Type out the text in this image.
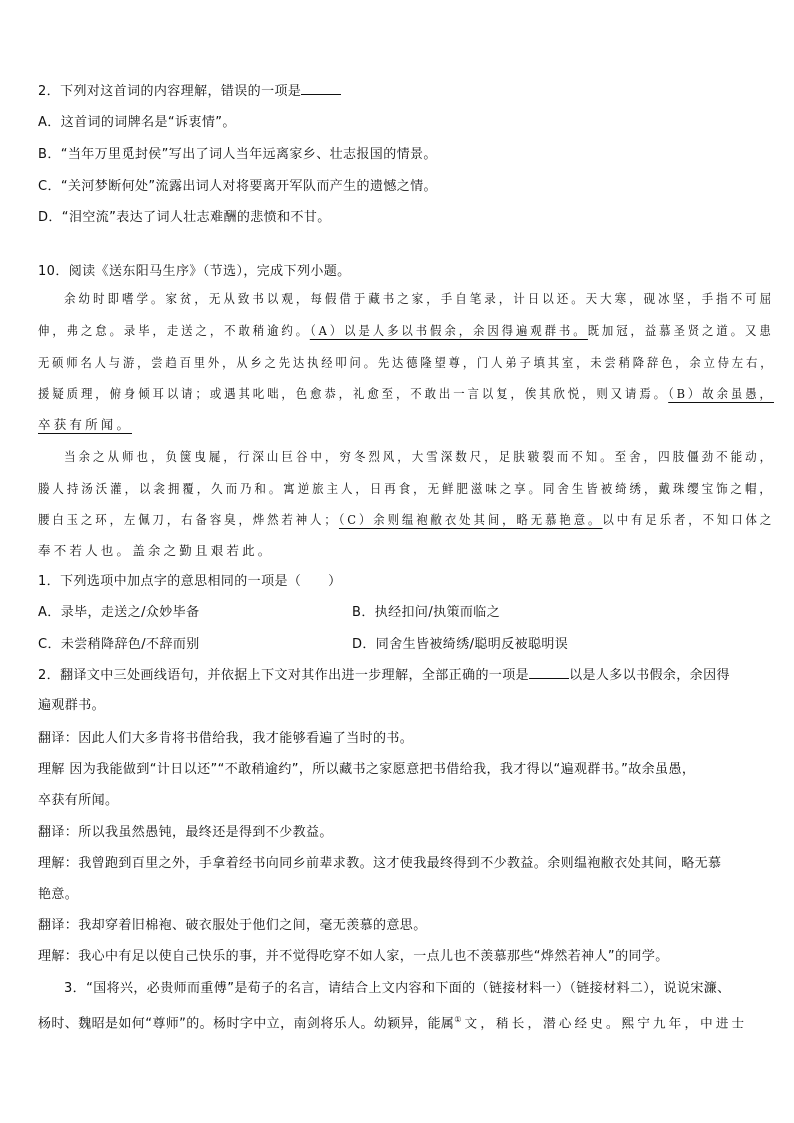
2．下列对这首词的内容理解，错误的一项是
A．这首词的词牌名是“诉衷情”。
B．“当年万里觅封侯”写出了词人当年远离家乡、壮志报国的情景。
C．“关河梦断何处”流露出词人对将要离开军队而产生的遗憾之情。
D．“泪空流”表达了词人壮志难酬的悲愤和不甘。
10．阅读《送东阳马生序》（节选），完成下列小题。
余幼时即嗜学。家贫，无从致书以观，每假借于藏书之家，手自笔录，计日以还。天大寒，砚冰坚，手指不可屈
伸，弗之怠。录毕，走送之，不敢稍逾约。（A）以是人多以书假余，余因得遍观群书。既加冠，益慕圣贤之道。又患
无硕师名人与游，尝趋百里外，从乡之先达执经叩问。先达德隆望尊，门人弟子填其室，未尝稍降辞色，余立侍左右，
援疑质理，俯身倾耳以请；或遇其叱咄，色愈恭，礼愈至，不敢出一言以复，俟其欣悦，则又请焉。（B）故余虽愚，
卒获有所闻。
当余之从师也，负箧曳屣，行深山巨谷中，穷冬烈风，大雪深数尺，足肤皲裂而不知。至舍，四肢僵劲不能动，
媵人持汤沃灌，以衾拥覆，久而乃和。寓逆旅主人，日再食，无鲜肥滋味之享。同舍生皆被绮绣，戴珠缨宝饰之帽，
腰白玉之环，左佩刀，右备容臭，烨然若神人；（C）余则缊袍敝衣处其间，略无慕艳意。以中有足乐者，不知口体之
奉不若人也。盖余之勤且艰若此。
1．下列选项中加点字的意思相同的一项是（　　）
A．录毕，走送之/众妙毕备	B．执经扣问/执策而临之
C．未尝稍降辞色/不辞而别	D．同舍生皆被绮绣/聪明反被聪明误
2．翻译文中三处画线语句，并依据上下文对其作出进一步理解，全部正确的一项是	以是人多以书假余，余因得
遍观群书。
翻译：因此人们大多肯将书借给我，我才能够看遍了当时的书。
理解 因为我能做到“计日以还”“不敢稍逾约”，所以藏书之家愿意把书借给我，我才得以“遍观群书。”故余虽愚，
卒获有所闻。
翻译：所以我虽然愚钝，最终还是得到不少教益。
理解：我曾跑到百里之外，手拿着经书向同乡前辈求教。这才使我最终得到不少教益。余则缊袍敝衣处其间，略无慕
艳意。
翻译：我却穿着旧棉袍、破衣服处于他们之间，毫无羡慕的意思。
理解：我心中有足以使自己快乐的事，并不觉得吃穿不如人家，一点儿也不羡慕那些“烨然若神人”的同学。
3．“国将兴，必贵师而重傅”是荀子的名言，请结合上文内容和下面的（链接材料一）（链接材料二），说说宋濂、
杨时、魏昭是如何“尊师”的。杨时字中立，南剑将乐人。幼颖异，能属①文，稍长，潜心经史。熙宁九年，中进士
